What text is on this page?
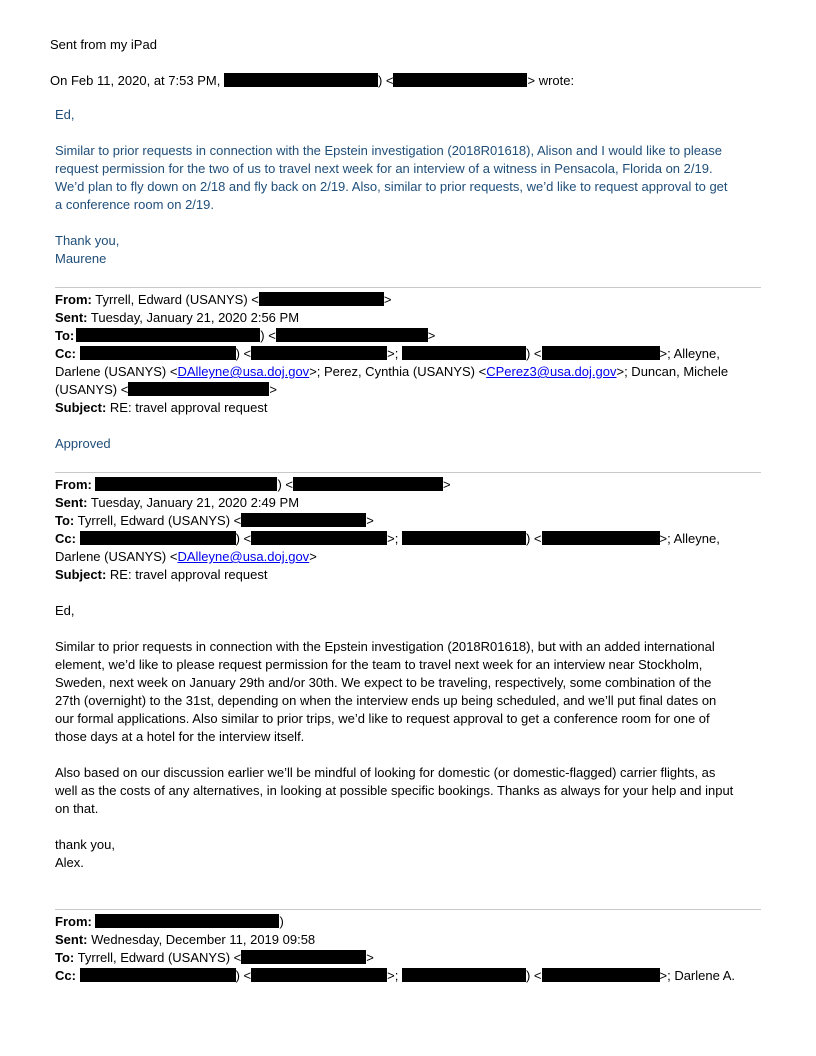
Sent from my iPad
On Feb 11, 2020, at 7:53 PM,	) <	> wrote:
Ed,
Similar to prior requests in connection with the Epstein investigation (2018R01618), Alison and I would like to please
request permission for the two of us to travel next week for an interview of a witness in Pensacola, Florida on 2/19.
We’d plan to fly down on 2/18 and fly back on 2/19. Also, similar to prior requests, we’d like to request approval to get
a conference room on 2/19.
Thank you,
Maurene
From: Tyrrell, Edward (USANYS) <	>
Sent: Tuesday, January 21, 2020 2:56 PM
To:	) <	>
Cc:	) <	>;	) <	>; Alleyne,
Darlene (USANYS) <DAlleyne@usa.doj.gov>; Perez, Cynthia (USANYS) <CPerez3@usa.doj.gov>; Duncan, Michele
(USANYS) <	>
Subject: RE: travel approval request
Approved
From:	) <	>
Sent: Tuesday, January 21, 2020 2:49 PM
To: Tyrrell, Edward (USANYS) <	>
Cc:	) <	>;	) <	>; Alleyne,
Darlene (USANYS) <DAlleyne@usa.doj.gov>
Subject: RE: travel approval request
Ed,
Similar to prior requests in connection with the Epstein investigation (2018R01618), but with an added international
element, we’d like to please request permission for the team to travel next week for an interview near Stockholm,
Sweden, next week on January 29th and/or 30th. We expect to be traveling, respectively, some combination of the
27th (overnight) to the 31st, depending on when the interview ends up being scheduled, and we’ll put final dates on
our formal applications. Also similar to prior trips, we’d like to request approval to get a conference room for one of
those days at a hotel for the interview itself.
Also based on our discussion earlier we’ll be mindful of looking for domestic (or domestic-flagged) carrier flights, as
well as the costs of any alternatives, in looking at possible specific bookings. Thanks as always for your help and input
on that.
thank you,
Alex.
From:	)
Sent: Wednesday, December 11, 2019 09:58
To: Tyrrell, Edward (USANYS) <	>
Cc:	) <	>;	) <	>; Darlene A.
